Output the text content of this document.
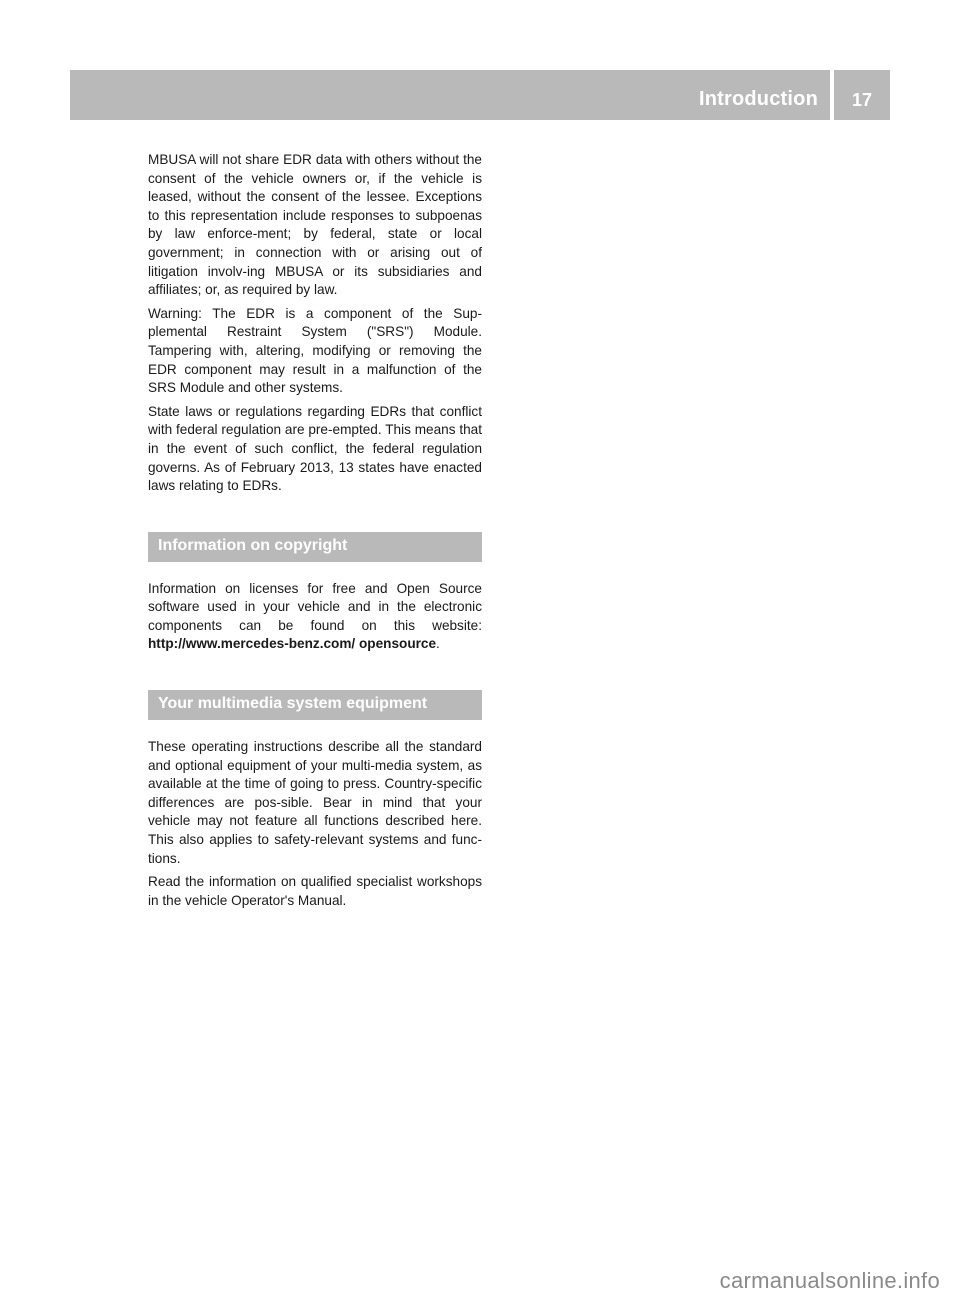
Introduction	17

MBUSA will not share EDR data with others without the consent of the vehicle owners or, if the vehicle is leased, without the consent of the lessee. Exceptions to this representation include responses to subpoenas by law enforce-ment; by federal, state or local government; in connection with or arising out of litigation involv-ing MBUSA or its subsidiaries and affiliates; or, as required by law.

Warning: The EDR is a component of the Sup-plemental Restraint System ("SRS") Module. Tampering with, altering, modifying or removing the EDR component may result in a malfunction of the SRS Module and other systems.

State laws or regulations regarding EDRs that conflict with federal regulation are pre-empted. This means that in the event of such conflict, the federal regulation governs. As of February 2013, 13 states have enacted laws relating to EDRs.

Information on copyright

Information on licenses for free and Open Source software used in your vehicle and in the electronic components can be found on this website: http://www.mercedes-benz.com/ opensource.

Your multimedia system equipment

These operating instructions describe all the standard and optional equipment of your multi-media system, as available at the time of going to press. Country-specific differences are pos-sible. Bear in mind that your vehicle may not feature all functions described here. This also applies to safety-relevant systems and func-tions.

Read the information on qualified specialist workshops in the vehicle Operator's Manual.

carmanualsonline.info
